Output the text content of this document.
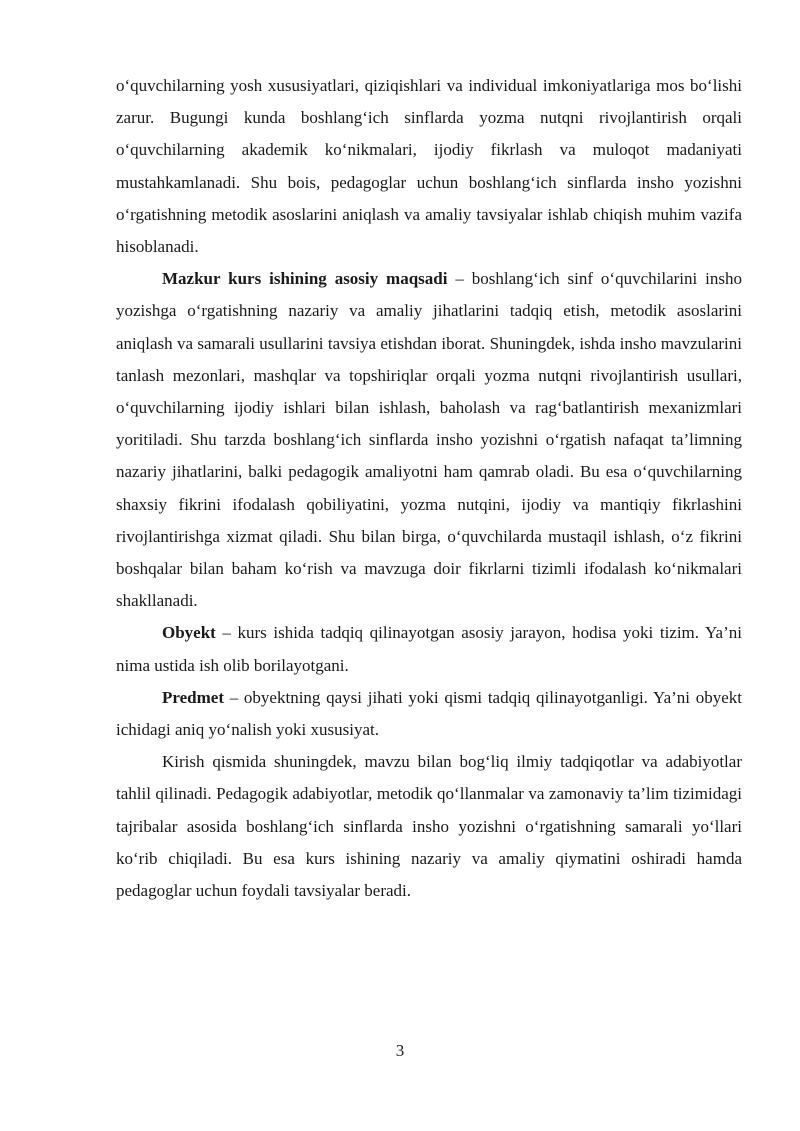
o‘quvchilarning yosh xususiyatlari, qiziqishlari va individual imkoniyatlariga mos bo‘lishi zarur. Bugungi kunda boshlang‘ich sinflarda yozma nutqni rivojlantirish orqali o‘quvchilarning akademik ko‘nikmalari, ijodiy fikrlash va muloqot madaniyati mustahkamlanadi. Shu bois, pedagoglar uchun boshlang‘ich sinflarda insho yozishni o‘rgatishning metodik asoslarini aniqlash va amaliy tavsiyalar ishlab chiqish muhim vazifa hisoblanadi.

Mazkur kurs ishining asosiy maqsadi – boshlang‘ich sinf o‘quvchilarini insho yozishga o‘rgatishning nazariy va amaliy jihatlarini tadqiq etish, metodik asoslarini aniqlash va samarali usullarini tavsiya etishdan iborat. Shuningdek, ishda insho mavzularini tanlash mezonlari, mashqlar va topshiriqlar orqali yozma nutqni rivojlantirish usullari, o‘quvchilarning ijodiy ishlari bilan ishlash, baholash va rag‘batlantirish mexanizmlari yoritiladi. Shu tarzda boshlang‘ich sinflarda insho yozishni o‘rgatish nafaqat ta’limning nazariy jihatlarini, balki pedagogik amaliyotni ham qamrab oladi. Bu esa o‘quvchilarning shaxsiy fikrini ifodalash qobiliyatini, yozma nutqini, ijodiy va mantiqiy fikrlashini rivojlantirishga xizmat qiladi. Shu bilan birga, o‘quvchilarda mustaqil ishlash, o‘z fikrini boshqalar bilan baham ko‘rish va mavzuga doir fikrlarni tizimli ifodalash ko‘nikmalari shakllanadi.

Obyekt – kurs ishida tadqiq qilinayotgan asosiy jarayon, hodisa yoki tizim. Ya’ni nima ustida ish olib borilayotgani.

Predmet – obyektning qaysi jihati yoki qismi tadqiq qilinayotganligi. Ya’ni obyekt ichidagi aniq yo‘nalish yoki xususiyat.

Kirish qismida shuningdek, mavzu bilan bog‘liq ilmiy tadqiqotlar va adabiyotlar tahlil qilinadi. Pedagogik adabiyotlar, metodik qo‘llanmalar va zamonaviy ta’lim tizimidagi tajribalar asosida boshlang‘ich sinflarda insho yozishni o‘rgatishning samarali yo‘llari ko‘rib chiqiladi. Bu esa kurs ishining nazariy va amaliy qiymatini oshiradi hamda pedagoglar uchun foydali tavsiyalar beradi.

3
